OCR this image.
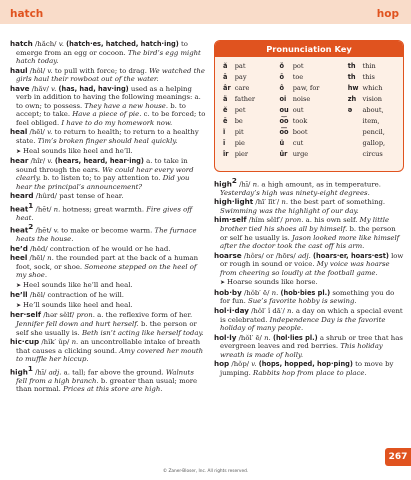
hatch	hop
hatch /hăch/ v. (hatch·es, hatched, hatch·ing) to emerge from an egg or cocoon. The bird’s egg might hatch today.
haul /hôl/ v. to pull with force; to drag. We watched the girls haul their rowboat out of the water.
have /hăv/ v. (has, had, hav·ing) used as a helping verb in addition to having the following meanings: a. to own; to possess. They have a new house. b. to accept; to take. Have a piece of pie. c. to be forced; to feel obliged. I have to do my homework now.
heal /hēl/ v. to return to health; to return to a healthy state. Tim’s broken finger should heal quickly.
➤ Heal sounds like heel and he’ll.
hear /hîr/ v. (hears, heard, hear·ing) a. to take in sound through the ears. We could hear every word clearly. b. to listen to; to pay attention to. Did you hear the principal’s announcement?
heard /hûrd/ past tense of hear.
heat$^1$ /hēt/ n. hotness; great warmth. Fire gives off heat.
heat$^2$ /hēt/ v. to make or become warm. The furnace heats the house.
he’d /hēd/ contraction of he would or he had.
heel /hēl/ n. the rounded part at the back of a human foot, sock, or shoe. Someone stepped on the heel of my shoe.
➤ Heel sounds like he’ll and heal.
he’ll /hēl/ contraction of he will.
➤ He’ll sounds like heel and heal.
her·self /hər sĕlf/ pron. a. the reflexive form of her. Jennifer fell down and hurt herself. b. the person or self she usually is. Beth isn’t acting like herself today.
hic·cup /hĭk′ ŭp/ n. an uncontrollable intake of breath that causes a clicking sound. Amy covered her mouth to muffle her hiccup.
high$^1$ /hī/ adj. a. tall; far above the ground. Walnuts fell from a high branch. b. greater than usual; more than normal. Prices at this store are high.
Pronunciation Key
ă	pat	ŏ	pot	th	thin
ā	pay	ō	toe	th	this
âr	care	ô	paw, for	hw	which
ä	father	oi	noise	zh	vision
ĕ	pet	ou	out	ə	about,
ē	be	o͝o	took		item,
ĭ	pit	o͞o	boot		pencil,
ī	pie	ŭ	cut		gallop,
îr	pier	ûr	urge		circus
high$^2$ /hī/ n. a high amount, as in temperature. Yesterday’s high was ninety-eight degrees.
high·light /hī′ līt′/ n. the best part of something. Swimming was the highlight of our day.
him·self /hĭm sĕlf′/ pron. a. his own self. My little brother tied his shoes all by himself. b. the person or self he usually is. Jason looked more like himself after the doctor took the cast off his arm.
hoarse /hôrs/ or /hōrs/ adj. (hoars·er, hoars·est) low or rough in sound or voice. My voice was hoarse from cheering so loudly at the football game.
➤ Hoarse sounds like horse.
hob·by /hŏb′ ē/ n. (hob·bies pl.) something you do for fun. Sue’s favorite hobby is sewing.
hol·i·day /hŏl′ ĭ dā′/ n. a day on which a special event is celebrated. Independence Day is the favorite holiday of many people.
hol·ly /hŏl′ ē/ n. (hol·lies pl.) a shrub or tree that has evergreen leaves and red berries. This holiday wreath is made of holly.
hop /hŏp/ v. (hops, hopped, hop·ping) to move by jumping. Rabbits hop from place to place.
© Zaner-Bloser, Inc. All rights reserved.
267
